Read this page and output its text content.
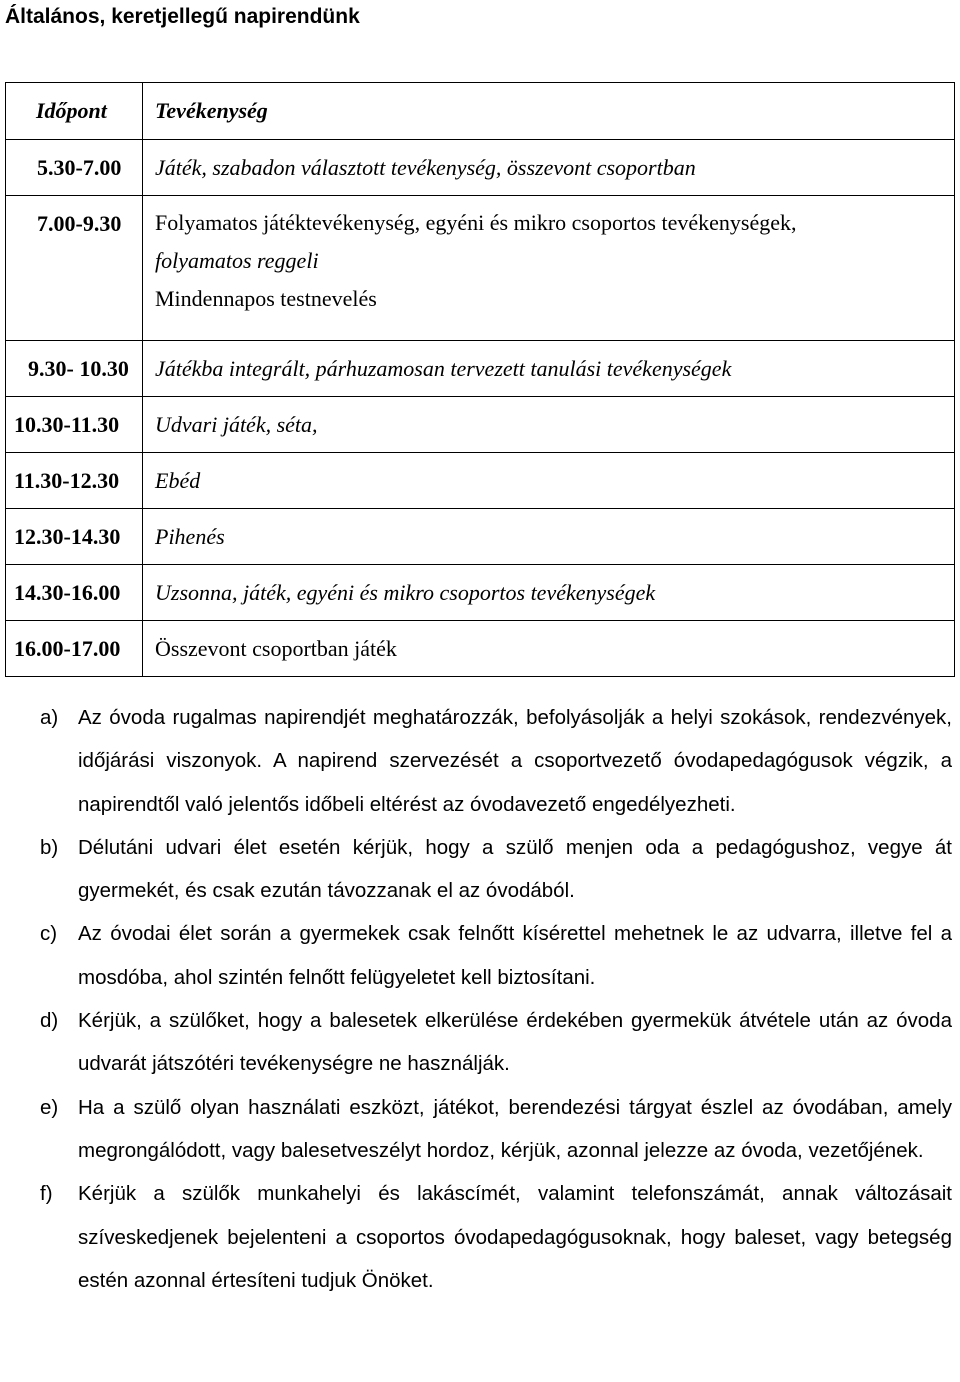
Általános, keretjellegű napirendünk
Időpont	Tevékenység
5.30-7.00	Játék, szabadon választott tevékenység, összevont csoportban
7.00-9.30	Folyamatos játéktevékenység, egyéni és mikro csoportos tevékenységek,
folyamatos reggeli
Mindennapos testnevelés

9.30- 10.30	Játékba integrált, párhuzamosan tervezett tanulási tevékenységek
10.30-11.30	Udvari játék, séta,
11.30-12.30	Ebéd
12.30-14.30	Pihenés
14.30-16.00	Uzsonna, játék, egyéni és mikro csoportos tevékenységek
16.00-17.00	Összevont csoportban játék
a) Az óvoda rugalmas napirendjét meghatározzák, befolyásolják a helyi szokások, rendezvények, időjárási viszonyok. A napirend szervezését a csoportvezető óvodapedagógusok végzik, a napirendtől való jelentős időbeli eltérést az óvodavezető engedélyezheti.
b) Délutáni udvari élet esetén kérjük, hogy a szülő menjen oda a pedagógushoz, vegye át gyermekét, és csak ezután távozzanak el az óvodából.
c) Az óvodai élet során a gyermekek csak felnőtt kísérettel mehetnek le az udvarra, illetve fel a mosdóba, ahol szintén felnőtt felügyeletet kell biztosítani.
d) Kérjük, a szülőket, hogy a balesetek elkerülése érdekében gyermekük átvétele után az óvoda udvarát játszótéri tevékenységre ne használják.
e) Ha a szülő olyan használati eszközt, játékot, berendezési tárgyat észlel az óvodában, amely megrongálódott, vagy balesetveszélyt hordoz, kérjük, azonnal jelezze az óvoda, vezetőjének.
f) Kérjük a szülők munkahelyi és lakáscímét, valamint telefonszámát, annak változásait szíveskedjenek bejelenteni a csoportos óvodapedagógusoknak, hogy baleset, vagy betegség estén azonnal értesíteni tudjuk Önöket.
